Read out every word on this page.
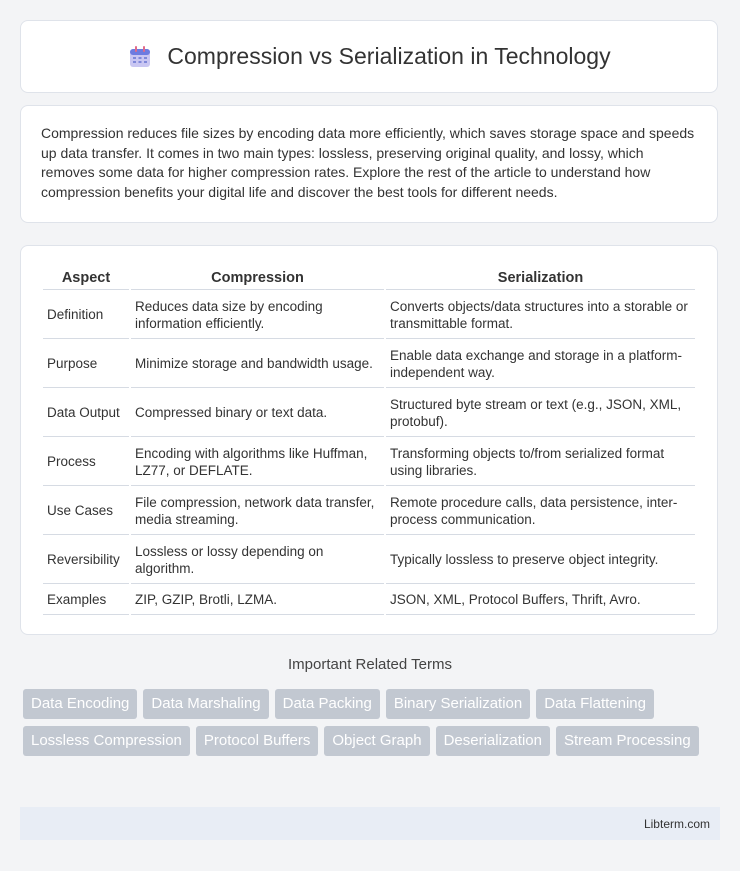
Compression vs Serialization in Technology

Compression reduces file sizes by encoding data more efficiently, which saves storage space and speeds up data transfer. It comes in two main types: lossless, preserving original quality, and lossy, which removes some data for higher compression rates. Explore the rest of the article to understand how compression benefits your digital life and discover the best tools for different needs.

Aspect	Compression	Serialization
Definition	Reduces data size by encoding information efficiently.	Converts objects/data structures into a storable or transmittable format.
Purpose	Minimize storage and bandwidth usage.	Enable data exchange and storage in a platform-independent way.
Data Output	Compressed binary or text data.	Structured byte stream or text (e.g., JSON, XML, protobuf).
Process	Encoding with algorithms like Huffman, LZ77, or DEFLATE.	Transforming objects to/from serialized format using libraries.
Use Cases	File compression, network data transfer, media streaming.	Remote procedure calls, data persistence, inter-process communication.
Reversibility	Lossless or lossy depending on algorithm.	Typically lossless to preserve object integrity.
Examples	ZIP, GZIP, Brotli, LZMA.	JSON, XML, Protocol Buffers, Thrift, Avro.
Important Related Terms
Data Encoding	Data Marshaling	Data Packing	Binary Serialization	Data Flattening
Lossless Compression	Protocol Buffers	Object Graph	Deserialization	Stream Processing
Libterm.com
